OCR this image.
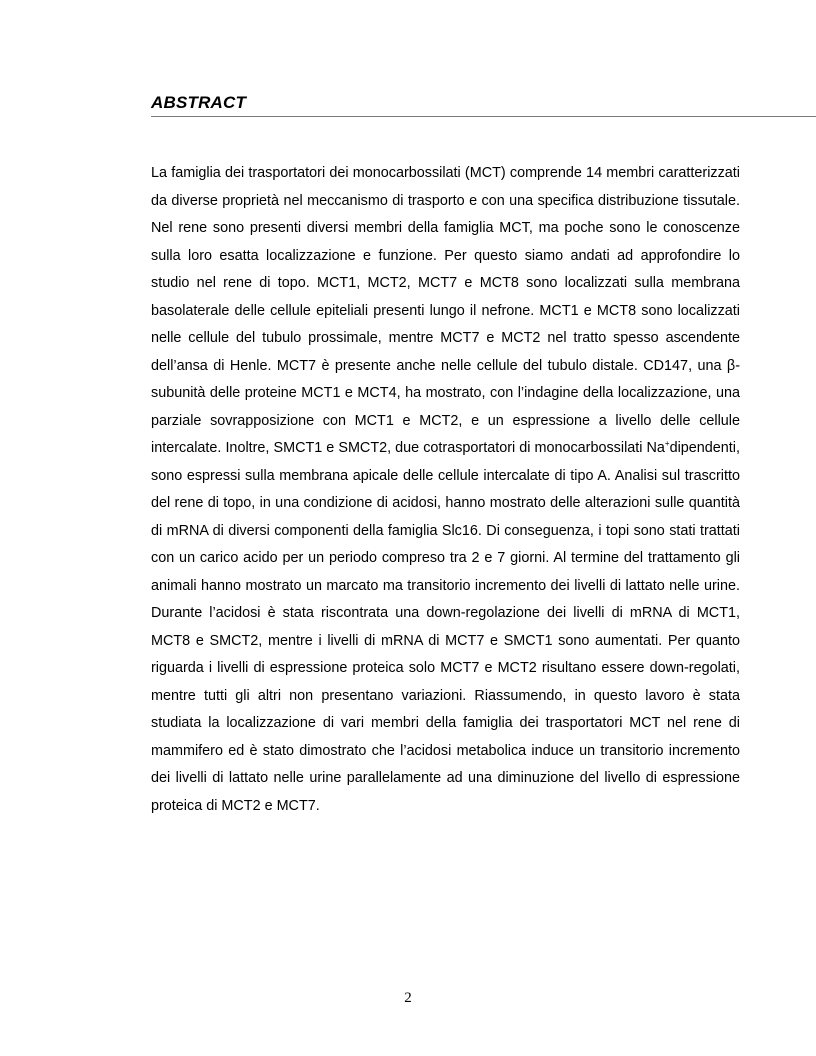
ABSTRACT

La famiglia dei trasportatori dei monocarbossilati (MCT) comprende 14 membri caratterizzati da diverse proprietà nel meccanismo di trasporto e con una specifica distribuzione tissutale. Nel rene sono presenti diversi membri della famiglia MCT, ma poche sono le conoscenze sulla loro esatta localizzazione e funzione. Per questo siamo andati ad approfondire lo studio nel rene di topo. MCT1, MCT2, MCT7 e MCT8 sono localizzati sulla membrana basolaterale delle cellule epiteliali presenti lungo il nefrone. MCT1 e MCT8 sono localizzati nelle cellule del tubulo prossimale, mentre MCT7 e MCT2 nel tratto spesso ascendente dell’ansa di Henle. MCT7 è presente anche nelle cellule del tubulo distale. CD147, una β-subunità delle proteine MCT1 e MCT4, ha mostrato, con l’indagine della localizzazione, una parziale sovrapposizione con MCT1 e MCT2, e un espressione a livello delle cellule intercalate. Inoltre, SMCT1 e SMCT2, due cotrasportatori di monocarbossilati Na+dipendenti, sono espressi sulla membrana apicale delle cellule intercalate di tipo A. Analisi sul trascritto del rene di topo, in una condizione di acidosi, hanno mostrato delle alterazioni sulle quantità di mRNA di diversi componenti della famiglia Slc16. Di conseguenza, i topi sono stati trattati con un carico acido per un periodo compreso tra 2 e 7 giorni. Al termine del trattamento gli animali hanno mostrato un marcato ma transitorio incremento dei livelli di lattato nelle urine. Durante l’acidosi è stata riscontrata una down-regolazione dei livelli di mRNA di MCT1, MCT8 e SMCT2, mentre i livelli di mRNA di MCT7 e SMCT1 sono aumentati. Per quanto riguarda i livelli di espressione proteica solo MCT7 e MCT2 risultano essere down-regolati, mentre tutti gli altri non presentano variazioni. Riassumendo, in questo lavoro è stata studiata la localizzazione di vari membri della famiglia dei trasportatori MCT nel rene di mammifero ed è stato dimostrato che l’acidosi metabolica induce un transitorio incremento dei livelli di lattato nelle urine parallelamente ad una diminuzione del livello di espressione proteica di MCT2 e MCT7.

2
